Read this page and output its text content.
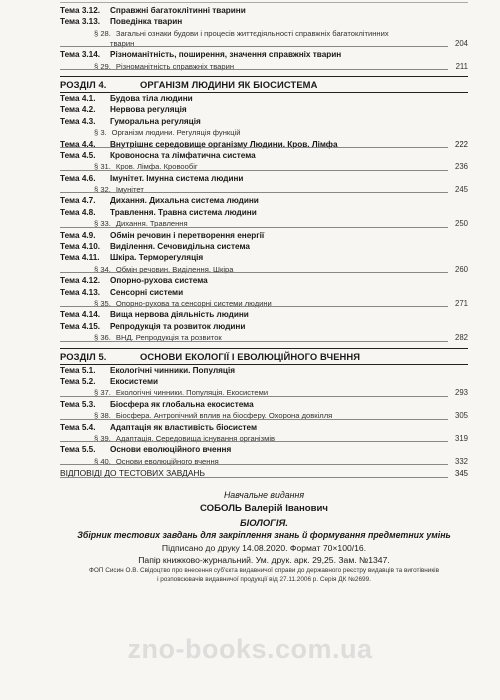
Тема 3.12. Справжні багатоклітинні тварини
Тема 3.13. Поведінка тварин
§ 28. Загальні ознаки будови і процесів життєдіяльності справжніх багатоклітинних
тварин	204
Тема 3.14. Різноманітність, поширення, значення справжніх тварин
§ 29. Різноманітність справжніх тварин	211
РОЗДІЛ 4.	ОРГАНІЗМ ЛЮДИНИ ЯК БІОСИСТЕМА
Тема 4.1. Будова тіла людини
Тема 4.2. Нервова регуляція
Тема 4.3. Гуморальна регуляція
§ 3. Організм людини. Регуляція функцій
Тема 4.4. Внутрішнє середовище організму Людини. Кров. Лімфа	222
Тема 4.5. Кровоносна та лімфатична система
§ 31. Кров. Лімфа. Кровообіг	236
Тема 4.6. Імунітет. Імунна система людини
§ 32. Імунітет	245
Тема 4.7. Дихання. Дихальна система людини
Тема 4.8. Травлення. Травна система людини
§ 33. Дихання. Травлення	250
Тема 4.9. Обмін речовин і перетворення енергії
Тема 4.10. Виділення. Сечовидільна система
Тема 4.11. Шкіра. Терморегуляція
§ 34. Обмін речовин. Виділення. Шкіра	260
Тема 4.12. Опорно-рухова система
Тема 4.13. Сенсорні системи
§ 35. Опорно-рухова та сенсорні системи людини	271
Тема 4.14. Вища нервова діяльність людини
Тема 4.15. Репродукція та розвиток людини
§ 36. ВНД. Репродукція та розвиток	282
РОЗДІЛ 5.	ОСНОВИ ЕКОЛОГІЇ І ЕВОЛЮЦІЙНОГО ВЧЕННЯ
Тема 5.1. Екологічні чинники. Популяція
Тема 5.2. Екосистеми
§ 37. Екологічні чинники. Популяція. Екосистеми	293
Тема 5.3. Біосфера як глобальна екосистема
§ 38. Біосфера. Антропічний вплив на біосферу. Охорона довкілля	305
Тема 5.4. Адаптація як властивість біосистем
§ 39. Адаптація. Середовища існування організмів	319
Тема 5.5. Основи еволюційного вчення
§ 40. Основи еволюційного вчення	332
ВІДПОВІДІ ДО ТЕСТОВИХ ЗАВДАНЬ	345
Навчальне видання
СОБОЛЬ Валерій Іванович
БІОЛОГІЯ.
Збірник тестових завдань для закріплення знань й формування предметних умінь
Підписано до друку 14.08.2020. Формат 70×100/16.
Папір книжково-журнальний. Ум. друк. арк. 29,25. Зам. №1347.
ФОП Сисин О.В. Свідоцтво про внесення суб'єкта видавничої справи до державного реєстру видавців та виготівників
і розповсювачів видавничої продукції від 27.11.2006 р. Серія ДК №2699.
zno-books.com.ua
